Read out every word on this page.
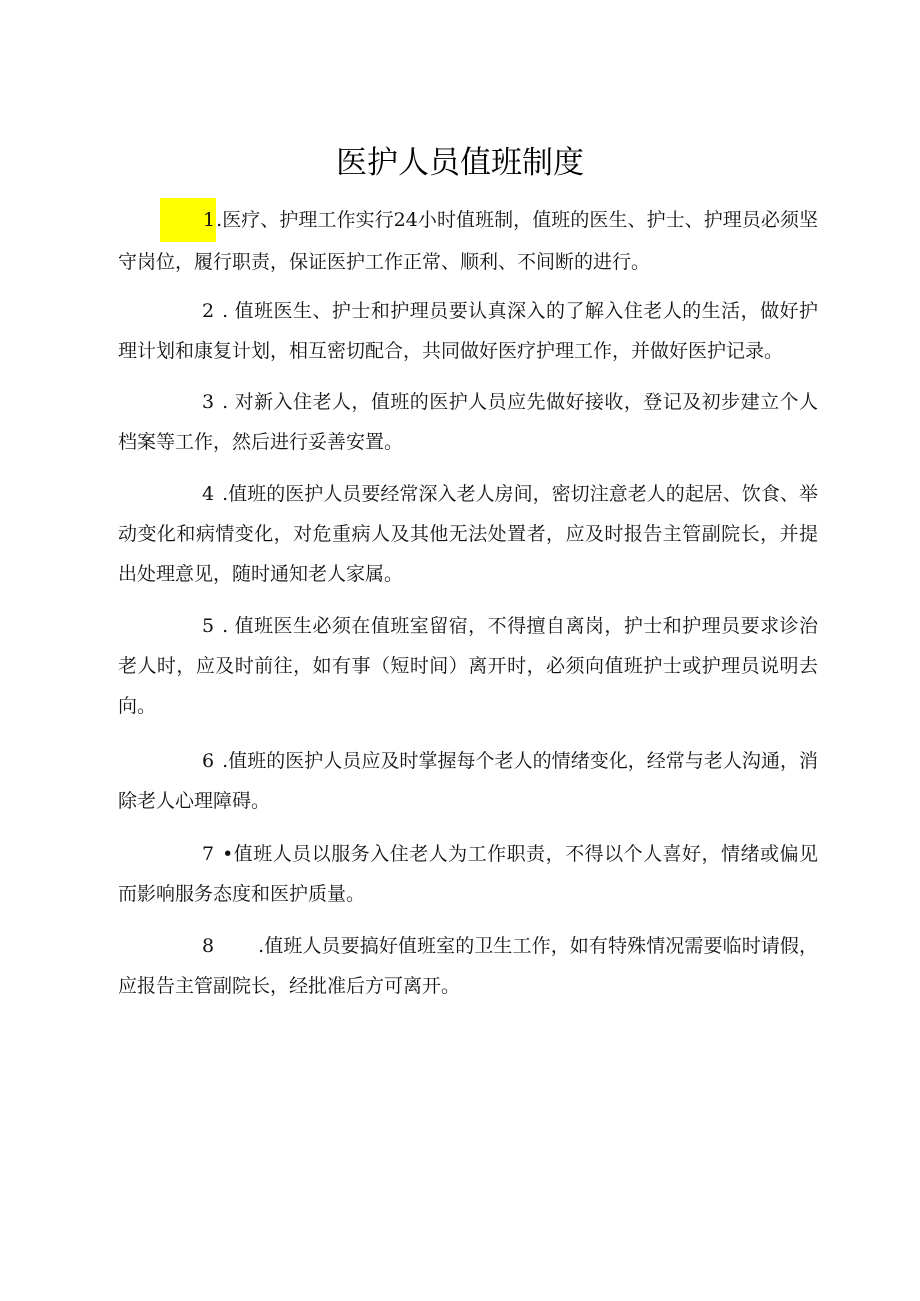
医护人员值班制度

1.医疗、护理工作实行24小时值班制，值班的医生、护士、护理员必须坚守岗位，履行职责，保证医护工作正常、顺利、不间断的进行。

2 . 值班医生、护士和护理员要认真深入的了解入住老人的生活，做好护理计划和康复计划，相互密切配合，共同做好医疗护理工作，并做好医护记录。

3 . 对新入住老人，值班的医护人员应先做好接收，登记及初步建立个人档案等工作，然后进行妥善安置。

4 .值班的医护人员要经常深入老人房间，密切注意老人的起居、饮食、举动变化和病情变化，对危重病人及其他无法处置者，应及时报告主管副院长，并提出处理意见，随时通知老人家属。

5 . 值班医生必须在值班室留宿，不得擅自离岗，护士和护理员要求诊治老人时，应及时前往，如有事（短时间）离开时，必须向值班护士或护理员说明去向。

6 .值班的医护人员应及时掌握每个老人的情绪变化，经常与老人沟通，消除老人心理障碍。

7 •值班人员以服务入住老人为工作职责，不得以个人喜好，情绪或偏见而影响服务态度和医护质量。

8 .值班人员要搞好值班室的卫生工作，如有特殊情况需要临时请假，应报告主管副院长，经批准后方可离开。
